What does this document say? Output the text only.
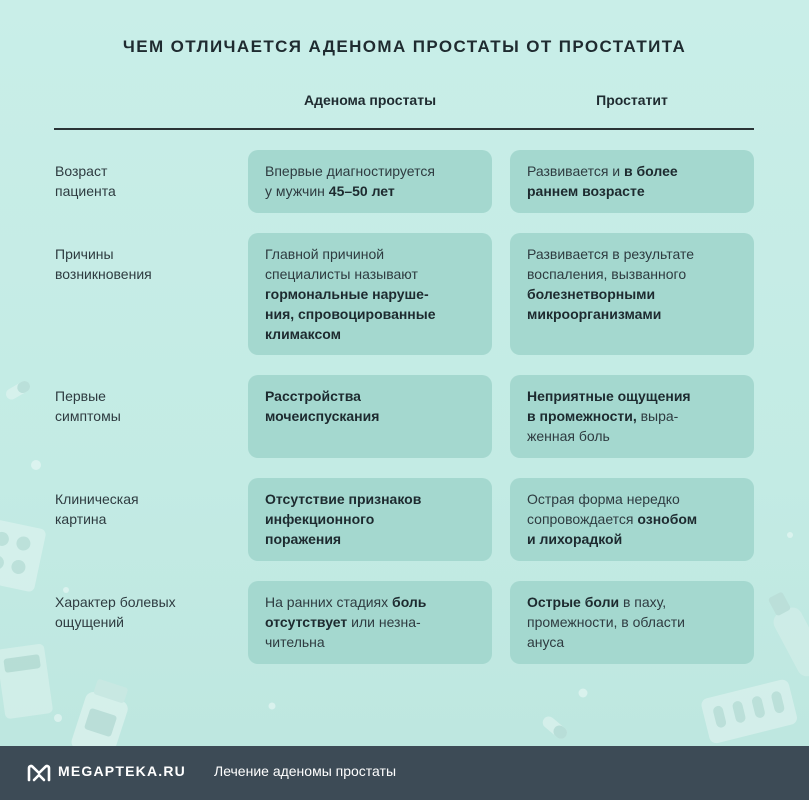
ЧЕМ ОТЛИЧАЕТСЯ АДЕНОМА ПРОСТАТЫ ОТ ПРОСТАТИТА
Аденома простаты	Простатит
Возраст
пациента
Впервые диагностируется
у мужчин 45–50 лет
Развивается и в более
раннем возрасте
Причины
возникновения
Главной причиной
специалисты называют
гормональные наруше-
ния, спровоцированные
климаксом
Развивается в результате
воспаления, вызванного
болезнетворными
микроорганизмами
Первые
симптомы
Расстройства
мочеиспускания
Неприятные ощущения
в промежности, выра-
женная боль
Клиническая
картина
Отсутствие признаков
инфекционного
поражения
Острая форма нередко
сопровождается ознобом
и лихорадкой
Характер болевых
ощущений
На ранних стадиях боль
отсутствует или незна-
чительна
Острые боли в паху,
промежности, в области
ануса
MEGAPTEKA.RU Лечение аденомы простаты
